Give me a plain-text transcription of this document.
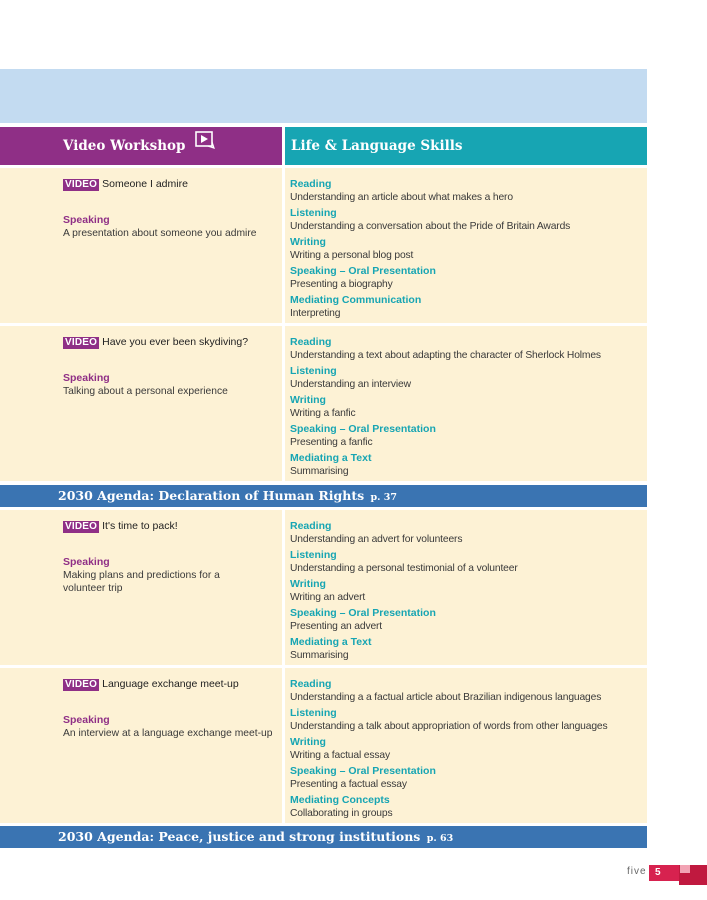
Video Workshop	Life & Language Skills
VIDEO Someone I admire
Speaking
A presentation about someone you admire
Reading
Understanding an article about what makes a hero
Listening
Understanding a conversation about the Pride of Britain Awards
Writing
Writing a personal blog post
Speaking – Oral Presentation
Presenting a biography
Mediating Communication
Interpreting
VIDEO Have you ever been skydiving?
Speaking
Talking about a personal experience
Reading
Understanding a text about adapting the character of Sherlock Holmes
Listening
Understanding an interview
Writing
Writing a fanfic
Speaking – Oral Presentation
Presenting a fanfic
Mediating a Text
Summarising
2030 Agenda: Declaration of Human Rights p. 37
VIDEO It's time to pack!
Speaking
Making plans and predictions for a volunteer trip
Reading
Understanding an advert for volunteers
Listening
Understanding a personal testimonial of a volunteer
Writing
Writing an advert
Speaking – Oral Presentation
Presenting an advert
Mediating a Text
Summarising
VIDEO Language exchange meet-up
Speaking
An interview at a language exchange meet-up
Reading
Understanding a a factual article about Brazilian indigenous languages
Listening
Understanding a talk about appropriation of words from other languages
Writing
Writing a factual essay
Speaking – Oral Presentation
Presenting a factual essay
Mediating Concepts
Collaborating in groups
2030 Agenda: Peace, justice and strong institutions p. 63
five 5
